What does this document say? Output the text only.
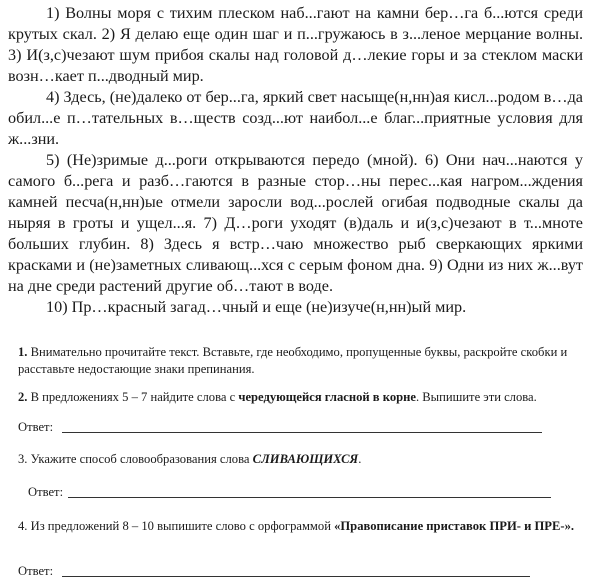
1) Волны моря с тихим плеском наб...гают на камни бер…га б...ются среди крутых скал. 2) Я делаю еще один шаг и п...гружаюсь в з...леное мерцание волны. 3) И(з,с)чезают шум прибоя скалы над головой д…лекие горы и за стеклом маски возн…кает п...дводный мир.

4) Здесь, (не)далеко от бер...га, яркий свет насыще(н,нн)ая кисл...родом в…да обил...е п…тательных в…ществ созд...ют наибол...е благ...приятные условия для ж...зни.

5) (Не)зримые д...роги открываются передо (мной). 6) Они нач...наются у самого б...рега и разб…гаются в разные стор…ны перес...кая нагром...ждения камней песча(н,нн)ые отмели заросли вод...рослей огибая подводные скалы да ныряя в гроты и ущел...я. 7) Д…роги уходят (в)даль и и(з,с)чезают в т...мноте больших глубин. 8) Здесь я встр…чаю множество рыб сверкающих яркими красками и (не)заметных сливающ...хся с серым фоном дна. 9) Одни из них ж...вут на дне среди растений другие об…тают в воде.

10) Пр…красный загад…чный и еще (не)изуче(н,нн)ый мир.

1. Внимательно прочитайте текст. Вставьте, где необходимо, пропущенные буквы, раскройте скобки и расставьте недостающие знаки препинания.
2. В предложениях 5 – 7 найдите слова с чередующейся гласной в корне. Выпишите эти слова.
Ответ:
3. Укажите способ словообразования слова СЛИВАЮЩИХСЯ.
Ответ:
4. Из предложений 8 – 10 выпишите слово с орфограммой «Правописание приставок ПРИ- и ПРЕ-».
Ответ:
